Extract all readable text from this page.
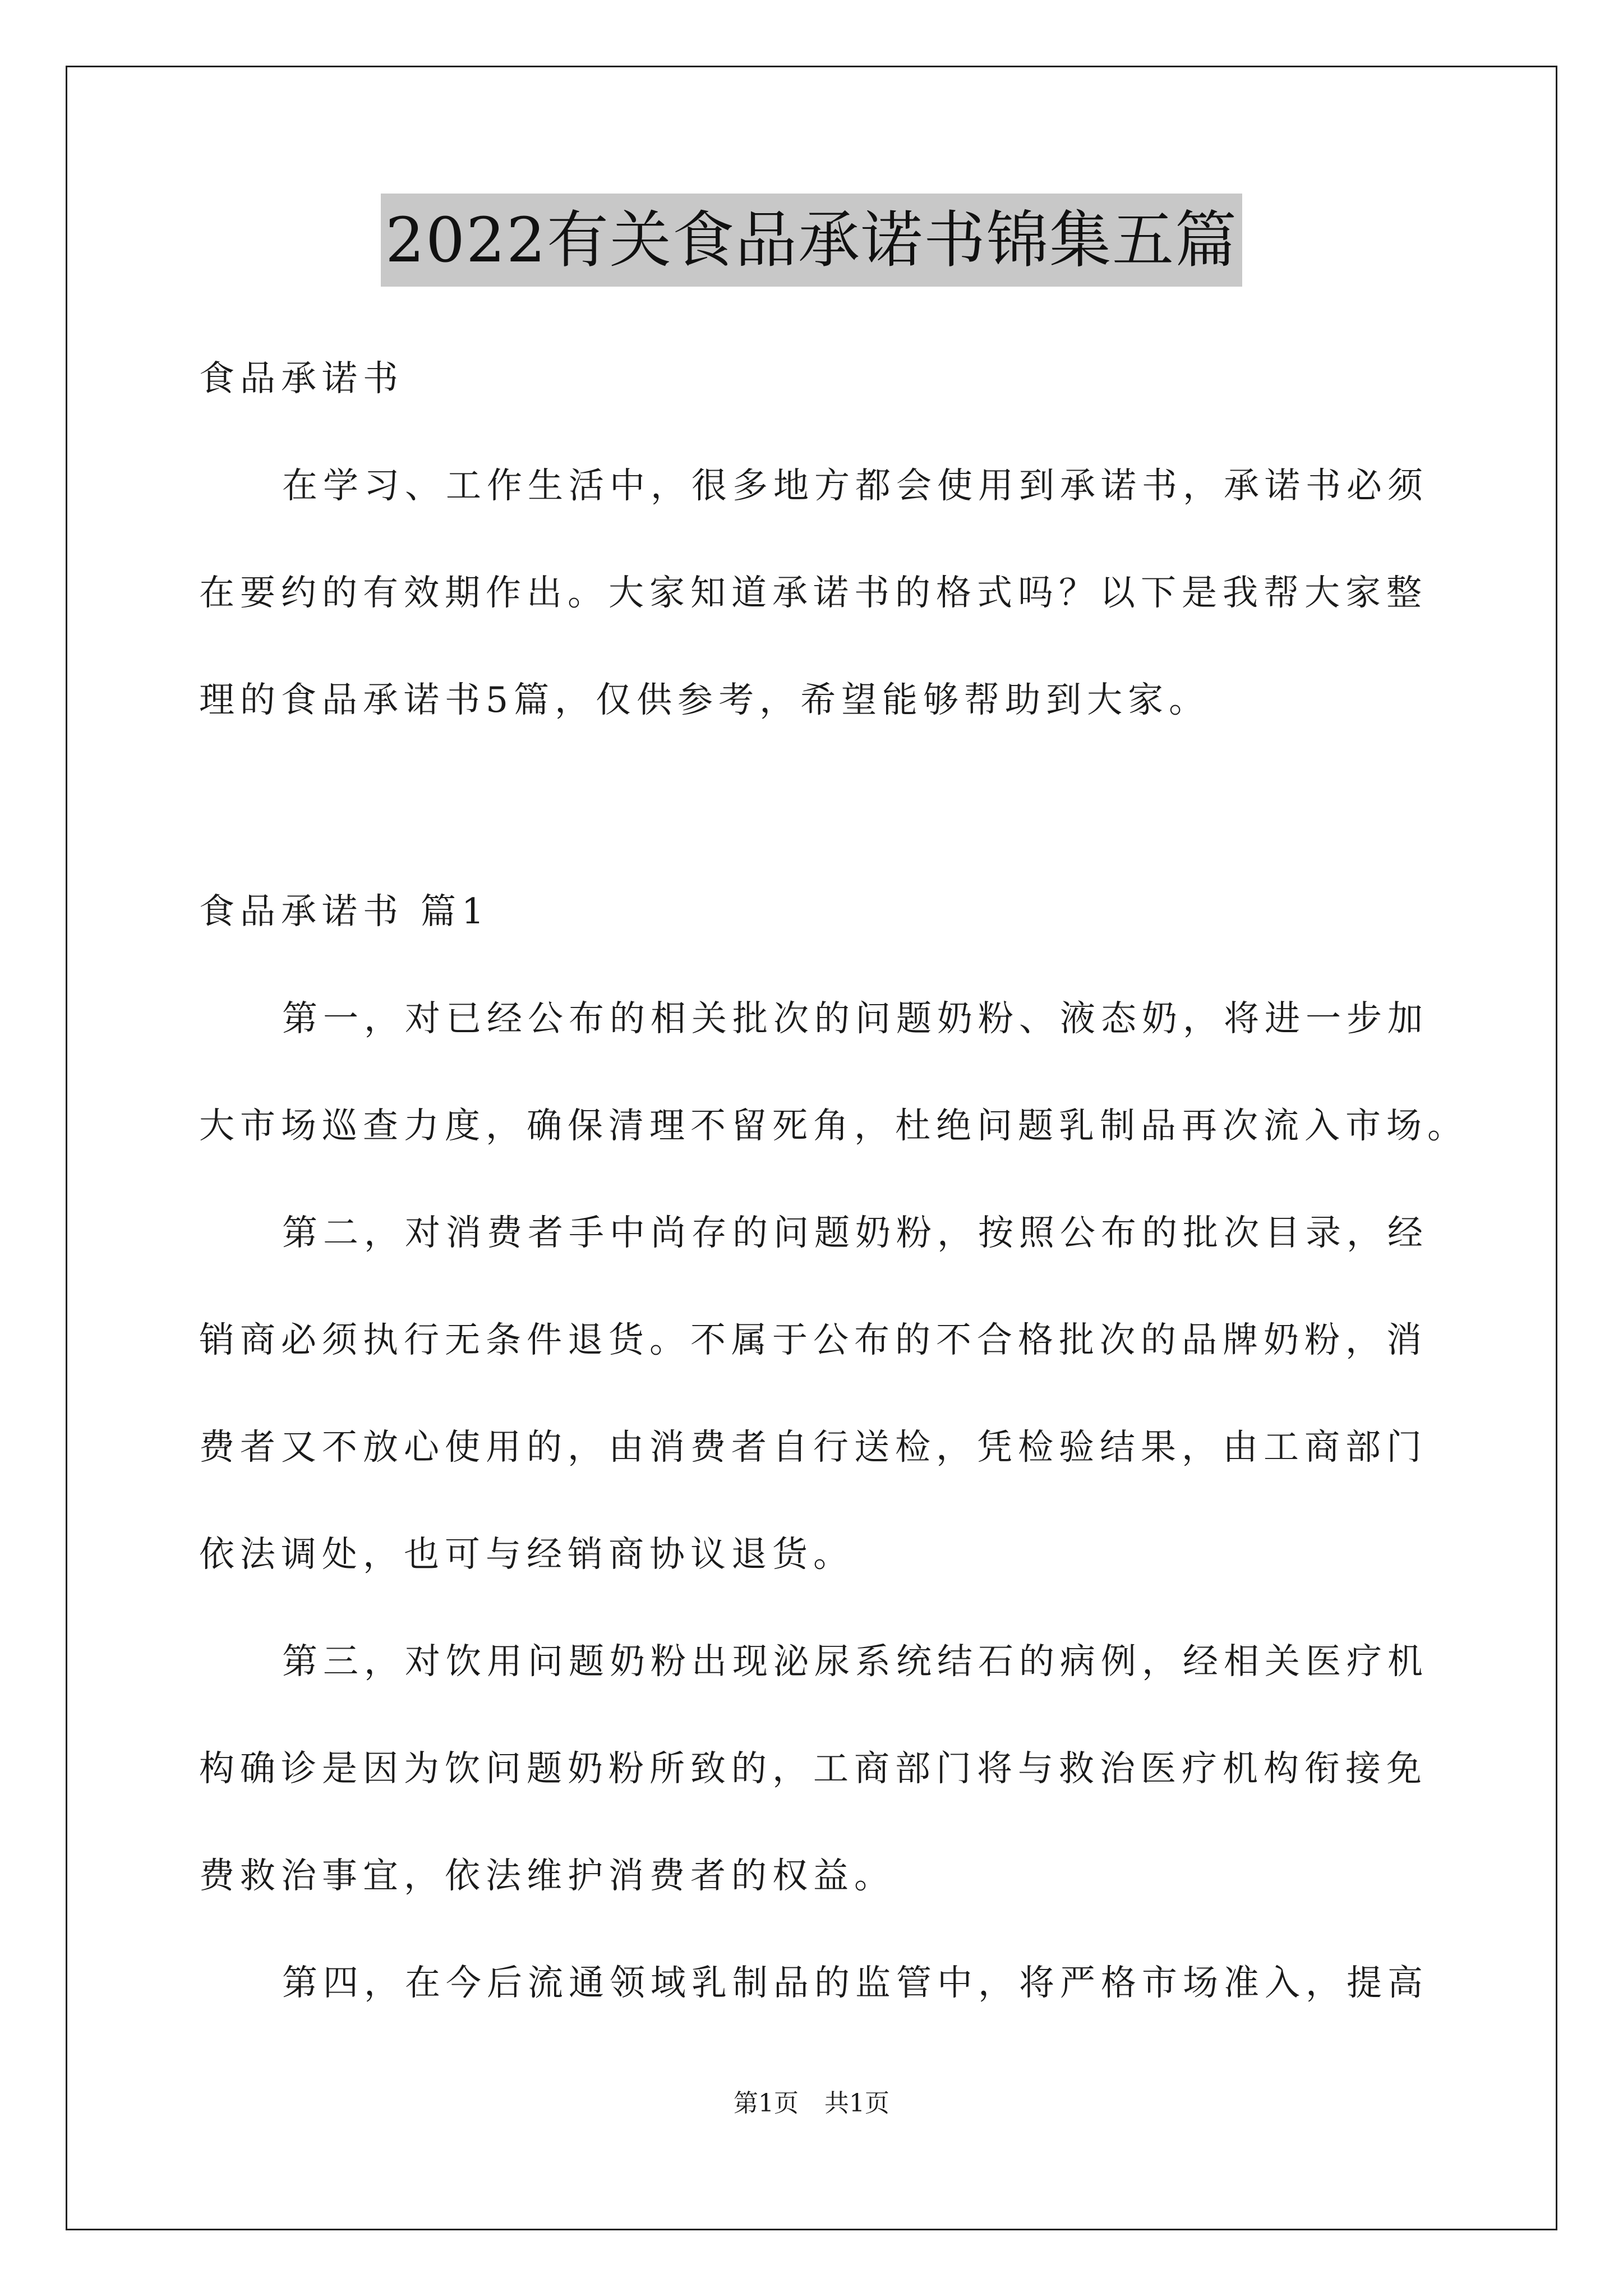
2022有关食品承诺书锦集五篇
食品承诺书
在学习、工作生活中，很多地方都会使用到承诺书，承诺书必须
在要约的有效期作出。大家知道承诺书的格式吗？以下是我帮大家整
理的食品承诺书5篇，仅供参考，希望能够帮助到大家。
食品承诺书 篇1
第一，对已经公布的相关批次的问题奶粉、液态奶，将进一步加
大市场巡查力度，确保清理不留死角，杜绝问题乳制品再次流入市场。
第二，对消费者手中尚存的问题奶粉，按照公布的批次目录，经
销商必须执行无条件退货。不属于公布的不合格批次的品牌奶粉，消
费者又不放心使用的，由消费者自行送检，凭检验结果，由工商部门
依法调处，也可与经销商协议退货。
第三，对饮用问题奶粉出现泌尿系统结石的病例，经相关医疗机
构确诊是因为饮问题奶粉所致的，工商部门将与救治医疗机构衔接免
费救治事宜，依法维护消费者的权益。
第四，在今后流通领域乳制品的监管中，将严格市场准入，提高
第1页 共1页
